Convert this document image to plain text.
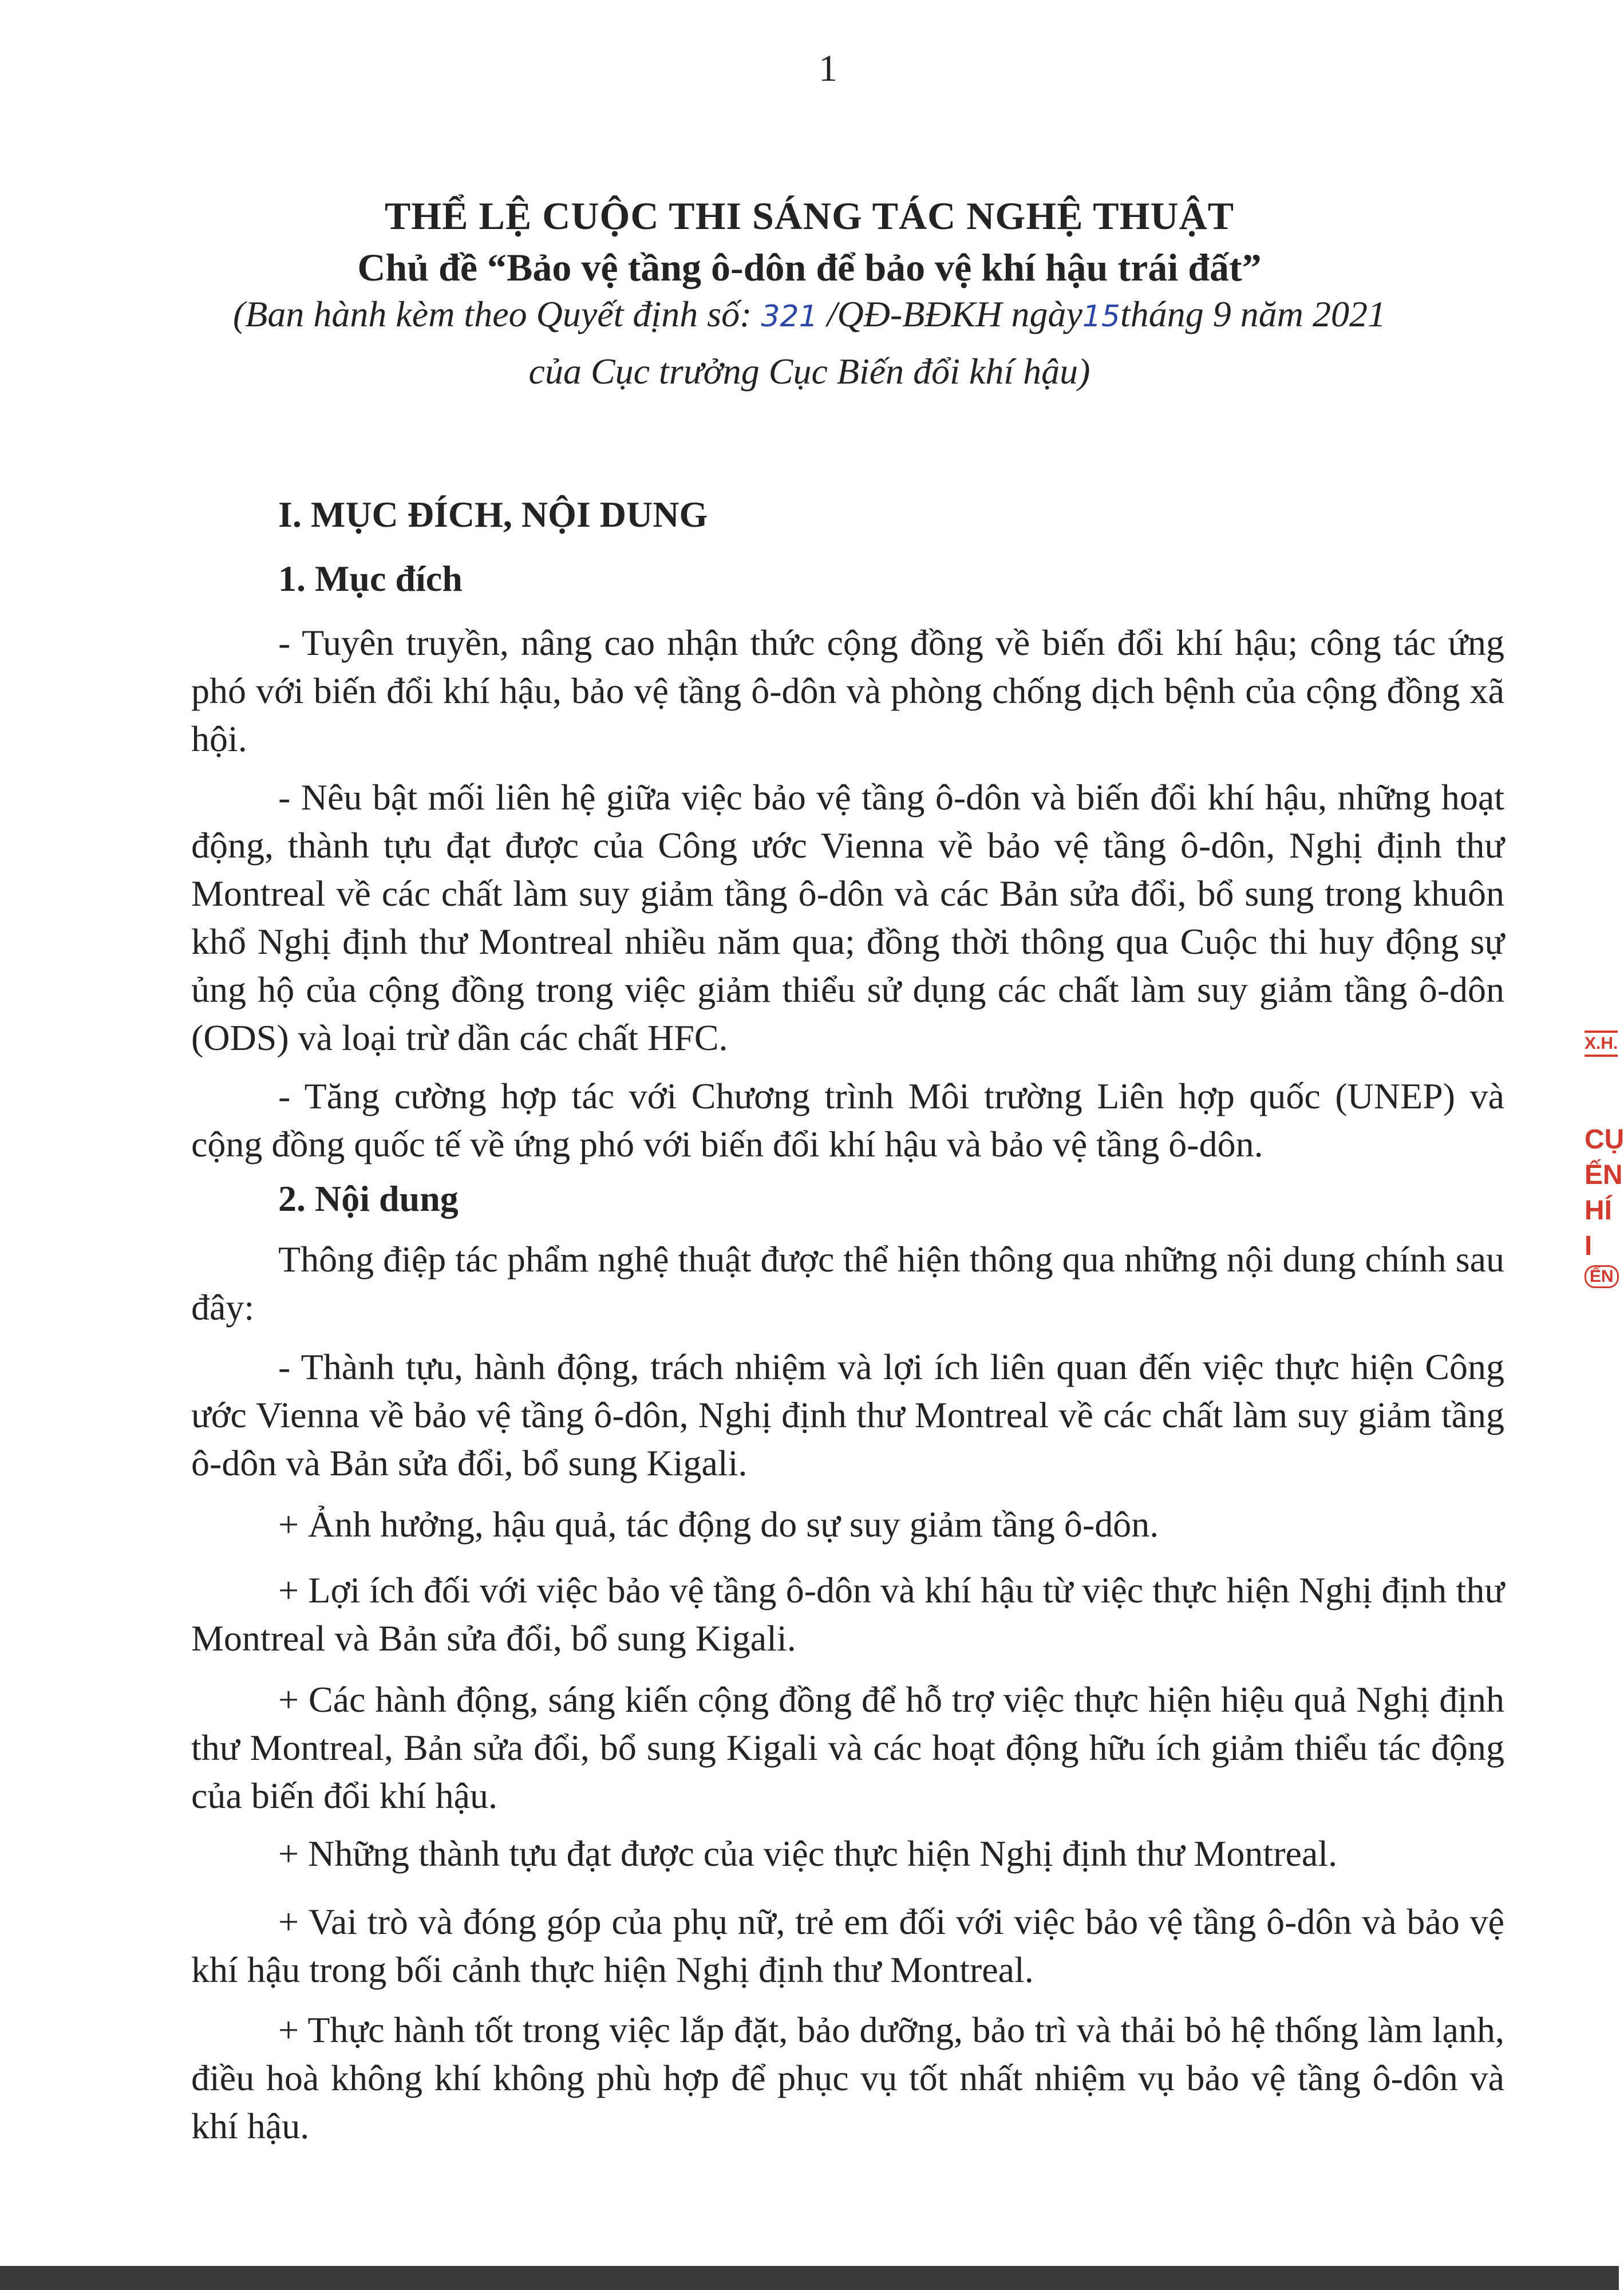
1
THỂ LỆ CUỘC THI SÁNG TÁC NGHỆ THUẬT
Chủ đề “Bảo vệ tầng ô-dôn để bảo vệ khí hậu trái đất”
(Ban hành kèm theo Quyết định số: 321 /QĐ-BĐKH ngày15tháng 9 năm 2021
của Cục trưởng Cục Biến đổi khí hậu)
I. MỤC ĐÍCH, NỘI DUNG
1. Mục đích

- Tuyên truyền, nâng cao nhận thức cộng đồng về biến đổi khí hậu; công tác ứng phó với biến đổi khí hậu, bảo vệ tầng ô-dôn và phòng chống dịch bệnh của cộng đồng xã hội.

- Nêu bật mối liên hệ giữa việc bảo vệ tầng ô-dôn và biến đổi khí hậu, những hoạt động, thành tựu đạt được của Công ước Vienna về bảo vệ tầng ô-dôn, Nghị định thư Montreal về các chất làm suy giảm tầng ô-dôn và các Bản sửa đổi, bổ sung trong khuôn khổ Nghị định thư Montreal nhiều năm qua; đồng thời thông qua Cuộc thi huy động sự ủng hộ của cộng đồng trong việc giảm thiểu sử dụng các chất làm suy giảm tầng ô-dôn (ODS) và loại trừ dần các chất HFC.

- Tăng cường hợp tác với Chương trình Môi trường Liên hợp quốc (UNEP) và cộng đồng quốc tế về ứng phó với biến đổi khí hậu và bảo vệ tầng ô-dôn.

2. Nội dung

Thông điệp tác phẩm nghệ thuật được thể hiện thông qua những nội dung chính sau đây:

- Thành tựu, hành động, trách nhiệm và lợi ích liên quan đến việc thực hiện Công ước Vienna về bảo vệ tầng ô-dôn, Nghị định thư Montreal về các chất làm suy giảm tầng ô-dôn và Bản sửa đổi, bổ sung Kigali.

+ Ảnh hưởng, hậu quả, tác động do sự suy giảm tầng ô-dôn.

+ Lợi ích đối với việc bảo vệ tầng ô-dôn và khí hậu từ việc thực hiện Nghị định thư Montreal và Bản sửa đổi, bổ sung Kigali.

+ Các hành động, sáng kiến cộng đồng để hỗ trợ việc thực hiện hiệu quả Nghị định thư Montreal, Bản sửa đổi, bổ sung Kigali và các hoạt động hữu ích giảm thiểu tác động của biến đổi khí hậu.

+ Những thành tựu đạt được của việc thực hiện Nghị định thư Montreal.

+ Vai trò và đóng góp của phụ nữ, trẻ em đối với việc bảo vệ tầng ô-dôn và bảo vệ khí hậu trong bối cảnh thực hiện Nghị định thư Montreal.

+ Thực hành tốt trong việc lắp đặt, bảo dưỡng, bảo trì và thải bỏ hệ thống làm lạnh, điều hoà không khí không phù hợp để phục vụ tốt nhất nhiệm vụ bảo vệ tầng ô-dôn và khí hậu.

X.H.
CỤ
ẾN
HÍ I
ẾN
